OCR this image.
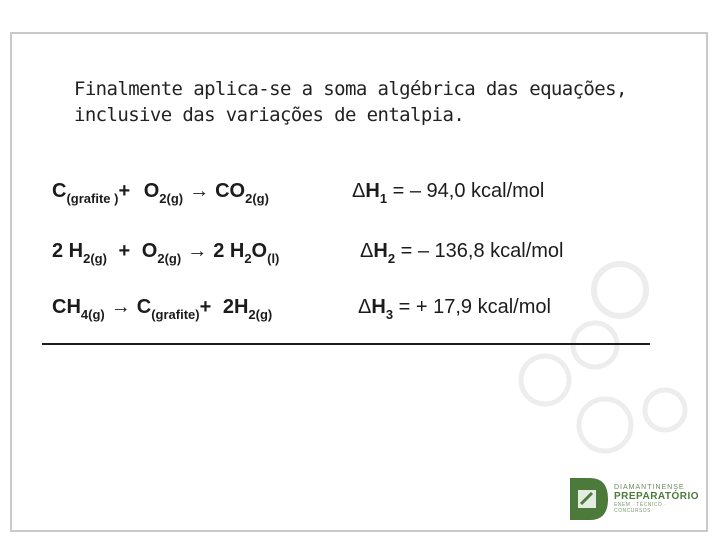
Finalmente aplica-se a soma algébrica das equações,
inclusive das variações de entalpia.
$C_{(grafite )}+ O_{2(g)} \to CO_{2(g)}$	$\Delta H_1$ = – 94,0 kcal/mol
2 $H_{2(g)} + O_{2(g)} \to 2$ $H_2O_{(l)}$	$\Delta H_2$ = – 136,8 kcal/mol
$CH_{4(g)} \to C_{(grafite)}+ 2H_{2(g)}$	$\Delta H_3$ = + 17,9 kcal/mol
DIAMANTINENSE
PREPARATÓRIO
ENEM · TÉCNICO · CONCURSOS
